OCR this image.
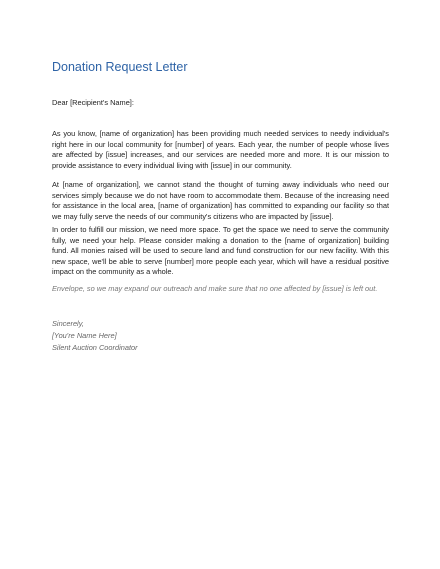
Donation Request Letter
Dear [Recipient's Name]:
As you know, [name of organization] has been providing much needed services to needy individual's right here in our local community for [number] of years. Each year, the number of people whose lives are affected by [issue] increases, and our services are needed more and more. It is our mission to provide assistance to every individual living with [issue] in our community.
At [name of organization], we cannot stand the thought of turning away individuals who need our services simply because we do not have room to accommodate them. Because of the increasing need for assistance in the local area, [name of organization] has committed to expanding our facility so that we may fully serve the needs of our community's citizens who are impacted by [issue].
In order to fulfill our mission, we need more space. To get the space we need to serve the community fully, we need your help. Please consider making a donation to the [name of organization] building fund. All monies raised will be used to secure land and fund construction for our new facility. With this new space, we'll be able to serve [number] more people each year, which will have a residual positive impact on the community as a whole.
Envelope, so we may expand our outreach and make sure that no one affected by [issue] is left out.
Sincerely,
[You're Name Here]
Silent Auction Coordinator
